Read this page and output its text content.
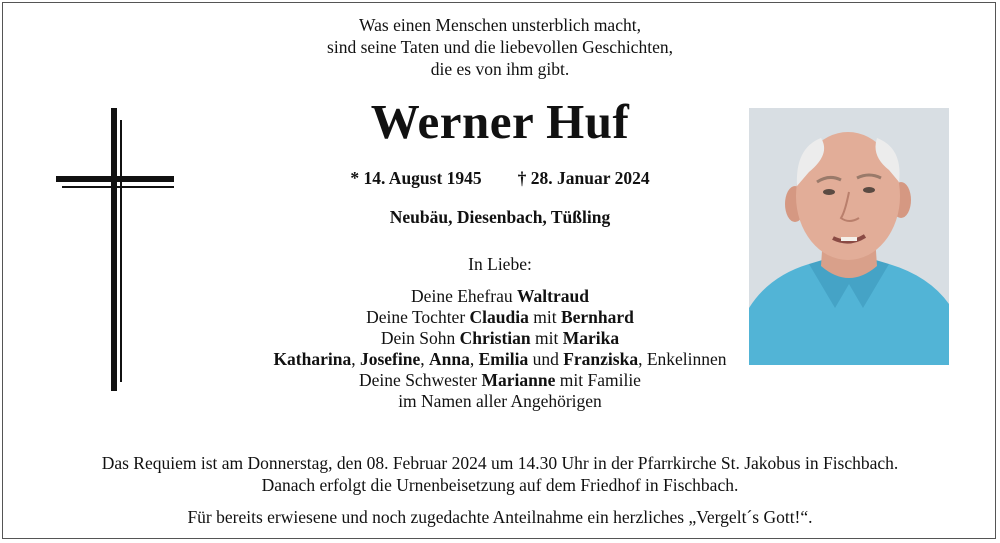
Was einen Menschen unsterblich macht,
sind seine Taten und die liebevollen Geschichten,
die es von ihm gibt.
Werner Huf
* 14. August 1945 † 28. Januar 2024
Neubäu, Diesenbach, Tüßling
In Liebe:
Deine Ehefrau Waltraud
Deine Tochter Claudia mit Bernhard
Dein Sohn Christian mit Marika
Katharina, Josefine, Anna, Emilia und Franziska, Enkelinnen
Deine Schwester Marianne mit Familie
im Namen aller Angehörigen
Das Requiem ist am Donnerstag, den 08. Februar 2024 um 14.30 Uhr in der Pfarrkirche St. Jakobus in Fischbach.
Danach erfolgt die Urnenbeisetzung auf dem Friedhof in Fischbach.
Für bereits erwiesene und noch zugedachte Anteilnahme ein herzliches „Vergelt´s Gott!“.
